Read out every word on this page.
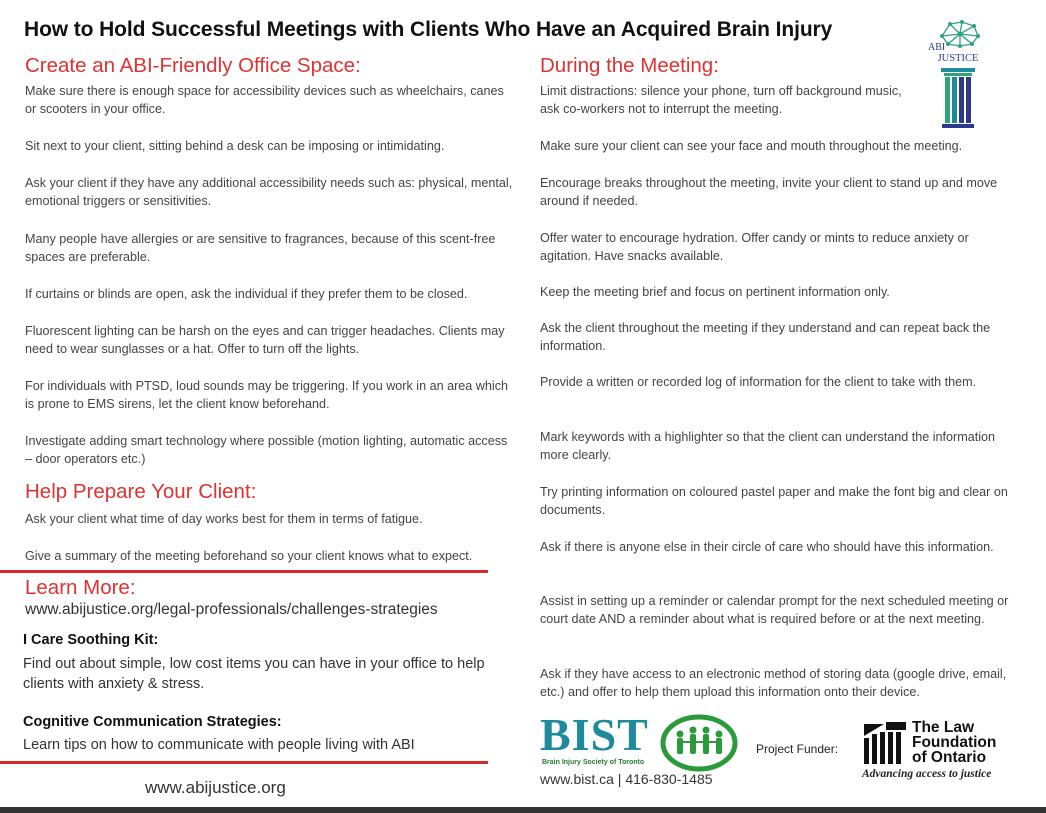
How to Hold Successful Meetings with Clients Who Have an Acquired Brain Injury
ABI
JUSTICE
Create an ABI-Friendly Office Space:

Make sure there is enough space for accessibility devices such as wheelchairs, canes or scooters in your office.

Sit next to your client, sitting behind a desk can be imposing or intimidating.

Ask your client if they have any additional accessibility needs such as: physical, mental, emotional triggers or sensitivities.

Many people have allergies or are sensitive to fragrances, because of this scent-free spaces are preferable.

If curtains or blinds are open, ask the individual if they prefer them to be closed.

Fluorescent lighting can be harsh on the eyes and can trigger headaches. Clients may need to wear sunglasses or a hat. Offer to turn off the lights.

For individuals with PTSD, loud sounds may be triggering. If you work in an area which is prone to EMS sirens, let the client know beforehand.

Investigate adding smart technology where possible (motion lighting, automatic access – door operators etc.)

Help Prepare Your Client:

Ask your client what time of day works best for them in terms of fatigue.

Give a summary of the meeting beforehand so your client knows what to expect.

Learn More:
www.abijustice.org/legal-professionals/challenges-strategies
I Care Soothing Kit:

Find out about simple, low cost items you can have in your office to help clients with anxiety & stress.

Cognitive Communication Strategies:

Learn tips on how to communicate with people living with ABI

www.abijustice.org
During the Meeting:

Limit distractions: silence your phone, turn off background music, ask co-workers not to interrupt the meeting.

Make sure your client can see your face and mouth throughout the meeting.

Encourage breaks throughout the meeting, invite your client to stand up and move around if needed.

Offer water to encourage hydration. Offer candy or mints to reduce anxiety or agitation. Have snacks available.

Keep the meeting brief and focus on pertinent information only.

Ask the client throughout the meeting if they understand and can repeat back the information.

Provide a written or recorded log of information for the client to take with them.

Mark keywords with a highlighter so that the client can understand the information more clearly.

Try printing information on coloured pastel paper and make the font big and clear on documents.

Ask if there is anyone else in their circle of care who should have this information.

Assist in setting up a reminder or calendar prompt for the next scheduled meeting or court date AND a reminder about what is required before or at the next meeting.

Ask if they have access to an electronic method of storing data (google drive, email, etc.) and offer to help them upload this information onto their device.

BIST
Brain Injury Society of Toronto
www.bist.ca | 416-830-1485
Project Funder:
The Law
Foundation
of Ontario
Advancing access to justice
